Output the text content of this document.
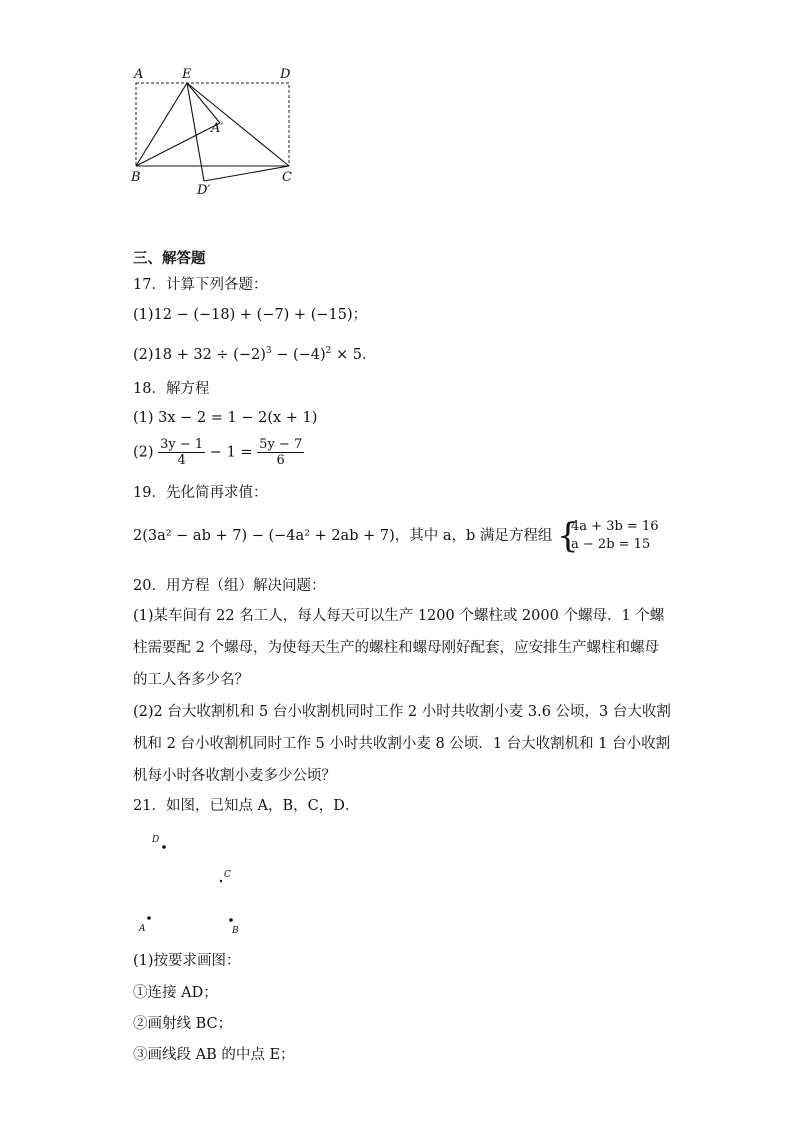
A	E	D
A′
B
D′
C
三、解答题
17．计算下列各题：
(1)12 − (−18) + (−7) + (−15)；
$(2)18 + 32 \div (-2)^3 - (-4)^2 \times 5$．
18．解方程
(1) 3x − 2 = 1 − 2(x + 1)
$(2) \frac{3y - 1}{4} - 1 = \frac{5y - 7}{6}$
19．先化简再求值：
2(3a² − ab + 7) − (−4a² + 2ab + 7)，其中 a，b 满足方程组 {
4a + 3b = 16
a − 2b = 15
20．用方程（组）解决问题：
(1)某车间有 22 名工人，每人每天可以生产 1200 个螺柱或 2000 个螺母．1 个螺柱需要配 2 个螺母，为使每天生产的螺柱和螺母刚好配套，应安排生产螺柱和螺母的工人各多少名？
(2)2 台大收割机和 5 台小收割机同时工作 2 小时共收割小麦 3.6 公顷，3 台大收割机和 2 台小收割机同时工作 5 小时共收割小麦 8 公顷．1 台大收割机和 1 台小收割机每小时各收割小麦多少公顷？
21．如图，已知点 A，B，C，D．
D
C
A	B
(1)按要求画图：
①连接 AD；
②画射线 BC；
③画线段 AB 的中点 E；
